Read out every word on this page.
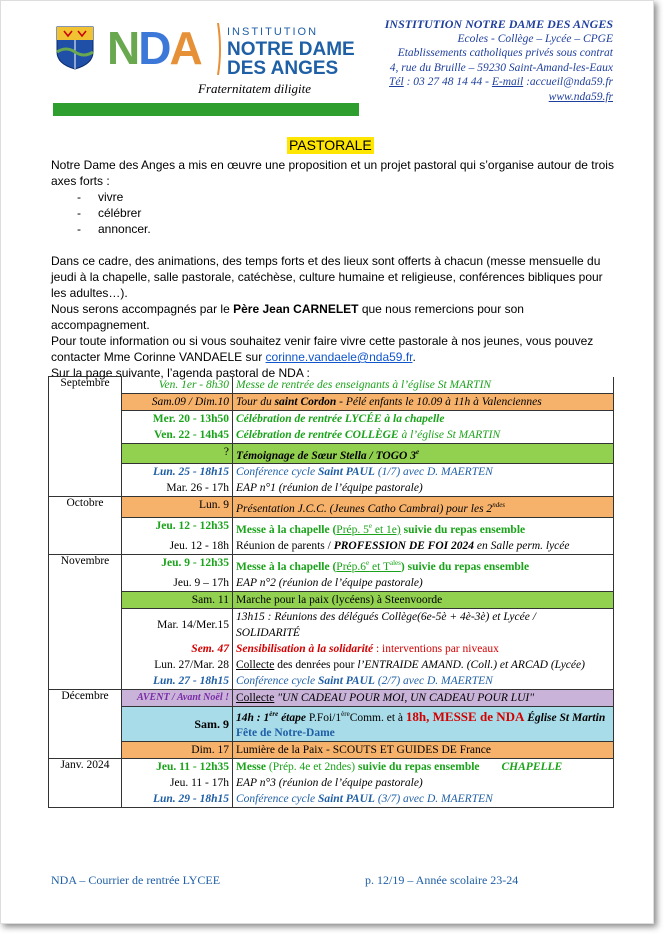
NDA INSTITUTION
NOTRE DAME
DES ANGES
Fraternitatem diligite
INSTITUTION NOTRE DAME DES ANGES
Ecoles - Collège – Lycée – CPGE
Etablissements catholiques privés sous contrat
4, rue du Bruille – 59230 Saint-Amand-les-Eaux
Tél : 03 27 48 14 44 - E-mail :accueil@nda59.fr
www.nda59.fr
PASTORALE

Notre Dame des Anges a mis en œuvre une proposition et un projet pastoral qui s’organise autour de trois axes forts :

- vivre
- célébrer
- annoncer.

Dans ce cadre, des animations, des temps forts et des lieux sont offerts à chacun (messe mensuelle du jeudi à la chapelle, salle pastorale, catéchèse, culture humaine et religieuse, conférences bibliques pour les adultes…).

Nous serons accompagnés par le Père Jean CARNELET que nous remercions pour son accompagnement.

Pour toute information ou si vous souhaitez venir faire vivre cette pastorale à nos jeunes, vous pouvez contacter Mme Corinne VANDAELE sur corinne.vandaele@nda59.fr.

Sur la page suivante, l’agenda pastoral de NDA :

Septembre	Ven. 1er - 8h30	Messe de rentrée des enseignants à l’église St MARTIN
	Sam.09 / Dim.10	Tour du saint Cordon - Pélé enfants le 10.09 à 11h à Valenciennes
	Mer. 20 - 13h50	Célébration de rentrée LYCÉE à la chapelle
	Ven. 22 - 14h45	Célébration de rentrée COLLÈGE à l’église St MARTIN
	?	Témoignage de Sœur Stella / TOGO 3e
	Lun. 25 - 18h15	Conférence cycle Saint PAUL (1/7) avec D. MAERTEN
	Mar. 26 - 17h	EAP n°1 (réunion de l’équipe pastorale)
Octobre	Lun. 9	Présentation J.C.C. (Jeunes Catho Cambrai) pour les $2^{ndes}$
	Jeu. 12 - 12h35	Messe à la chapelle (Prép. 5e et 1e) suivie du repas ensemble
	Jeu. 12 - 18h	Réunion de parents / PROFESSION DE FOI 2024 en Salle perm. lycée
Novembre	Jeu. 9 - 12h35	Messe à la chapelle (Prép.6e et $T^{ales}$) suivie du repas ensemble
	Jeu. 9 – 17h	EAP n°2 (réunion de l’équipe pastorale)
	Sam. 11	Marche pour la paix (lycéens) à Steenvoorde
	Mar. 14/Mer.15	13h15 : Réunions des délégués Collège(6e-5è + 4è-3è) et Lycée /
SOLIDARITÉ

	Sem. 47	Sensibilisation à la solidarité : interventions par niveaux
	Lun. 27/Mar. 28	Collecte des denrées pour l’ENTRAIDE AMAND. (Coll.) et ARCAD (Lycée)
	Lun. 27 - 18h15	Conférence cycle Saint PAUL (2/7) avec D. MAERTEN
Décembre	AVENT / Avant Noël !	Collecte "UN CADEAU POUR MOI, UN CADEAU POUR LUI"
	Sam. 9	14h : 1ère étape P.Foi/1èreComm. et à 18h, MESSE de NDA Église St Martin
Fête de Notre-Dame

	Dim. 17	Lumière de la Paix - SCOUTS ET GUIDES DE France
Janv. 2024	Jeu. 11 - 12h35	Messe (Prép. 4e et 2ndes) suivie du repas ensemble CHAPELLE
	Jeu. 11 - 17h	EAP n°3 (réunion de l’équipe pastorale)
	Lun. 29 - 18h15	Conférence cycle Saint PAUL (3/7) avec D. MAERTEN
NDA – Courrier de rentrée LYCEE	p. 12/19 – Année scolaire 23-24
